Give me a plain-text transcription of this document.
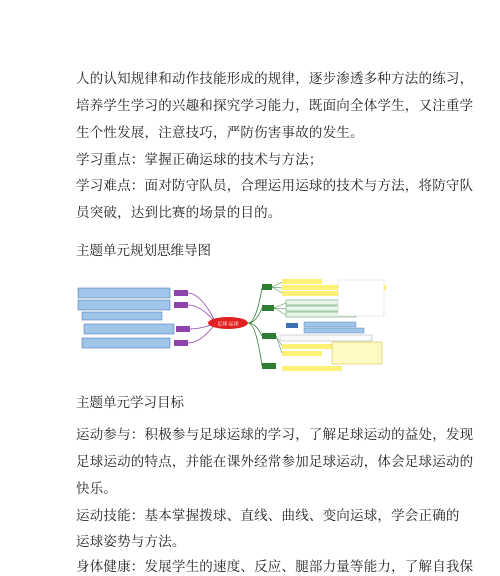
人的认知规律和动作技能形成的规律，逐步渗透多种方法的练习，
培养学生学习的兴趣和探究学习能力，既面向全体学生，又注重学
生个性发展，注意技巧，严防伤害事故的发生。
学习重点：掌握正确运球的技术与方法；
学习难点：面对防守队员，合理运用运球的技术与方法，将防守队
员突破，达到比赛的场景的目的。
主题单元规划思维导图
足球·运球
主题单元学习目标
运动参与：积极参与足球运球的学习，了解足球运动的益处，发现
足球运动的特点，并能在课外经常参加足球运动，体会足球运动的
快乐。
运动技能：基本掌握拨球、直线、曲线、变向运球，学会正确的
运球姿势与方法。
身体健康：发展学生的速度、反应、腿部力量等能力，了解自我保
